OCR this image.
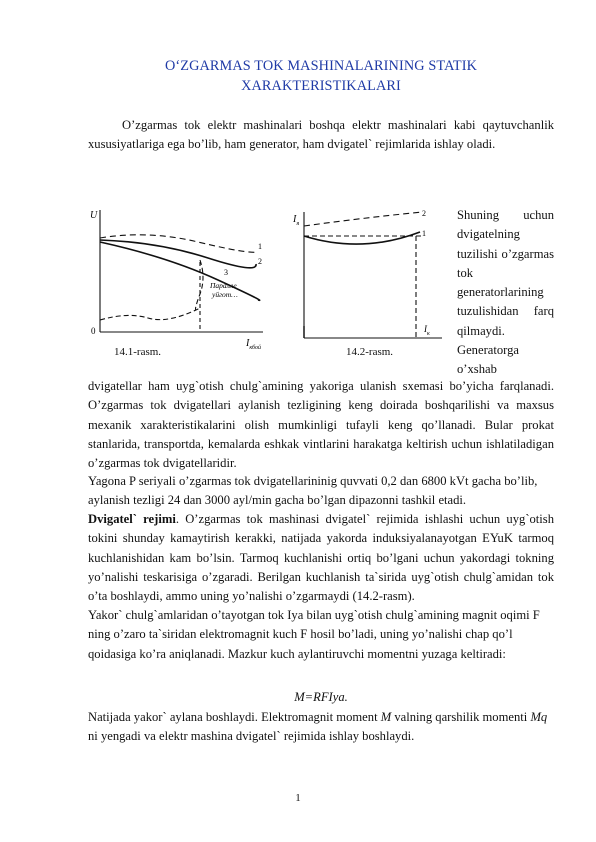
O‘ZGARMAS TOK MASHINALARINING STATIK
XARAKTERISTIKALARI

O’zgarmas tok elektr mashinalari boshqa elektr mashinalari kabi qaytuvchanlik xususiyatlariga ega bo’lib, ham generator, ham dvigatel` rejimlarida ishlay oladi.

U
0
1
2
3
Паралле
уйгот…
$I_{кбой}$
14.1-rasm.
$I_я$
2
1
$I_к$
14.2-rasm.
Shuning uchun dvigatelning tuzilishi o’zgarmas tok generatorlarining tuzulishidan farq qilmaydi. Generatorga o’xshab

dvigatellar ham uyg`otish chulg`amining yakoriga ulanish sxemasi bo’yicha farqlanadi. O’zgarmas tok dvigatellari aylanish tezligining keng doirada boshqarilishi va maxsus mexanik xarakteristikalarini olish mumkinligi tufayli keng qo’llanadi. Bular prokat stanlarida, transportda, kemalarda eshkak vintlarini harakatga keltirish uchun ishlatiladigan o’zgarmas tok dvigatellaridir.

Yagona P seriyali o’zgarmas tok dvigatellarininig quvvati 0,2 dan 6800 kVt gacha bo’lib, aylanish tezligi 24 dan 3000 ayl/min gacha bo’lgan dipazonni tashkil etadi.

Dvigatel` rejimi. O’zgarmas tok mashinasi dvigatel` rejimida ishlashi uchun uyg`otish tokini shunday kamaytirish kerakki, natijada yakorda induksiyalanayotgan EYuK tarmoq kuchlanishidan kam bo’lsin. Tarmoq kuchlanishi ortiq bo’lgani uchun yakordagi tokning yo’nalishi teskarisiga o’zgaradi. Berilgan kuchlanish ta`sirida uyg`otish chulg`amidan tok o’ta boshlaydi, ammo uning yo’nalishi o’zgarmaydi (14.2-rasm).

Yakor` chulg`amlaridan o’tayotgan tok Iya bilan uyg`otish chulg`amining magnit oqimi F ning o’zaro ta`siridan elektromagnit kuch F hosil bo’ladi, uning yo’nalishi chap qo’l qoidasiga ko’ra aniqlanadi. Mazkur kuch aylantiruvchi momentni yuzaga keltiradi:

M=RFIya.

Natijada yakor` aylana boshlaydi. Elektromagnit moment M valning qarshilik momenti Mq ni yengadi va elektr mashina dvigatel` rejimida ishlay boshlaydi.

1
